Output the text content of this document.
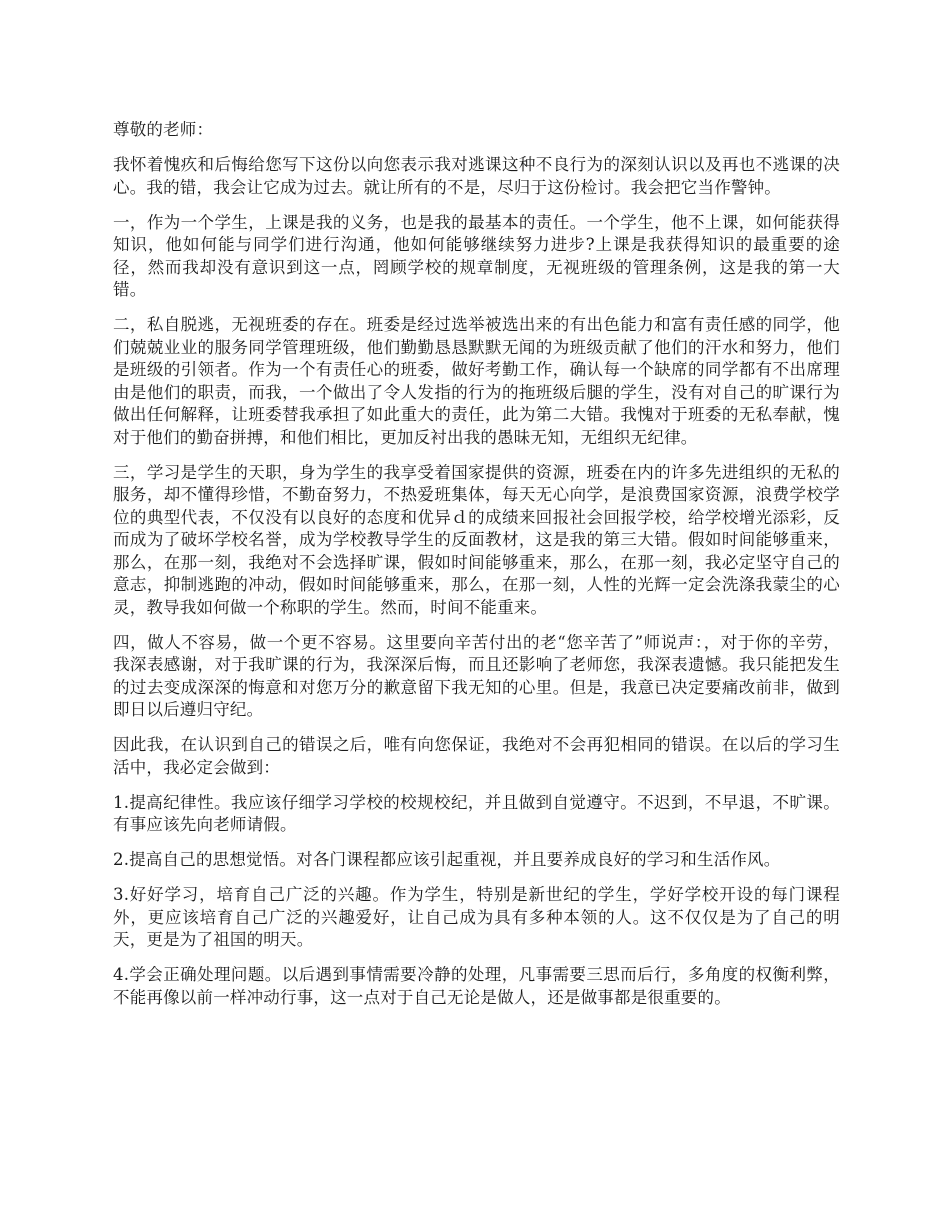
尊敬的老师：

我怀着愧疚和后悔给您写下这份以向您表示我对逃课这种不良行为的深刻认识以及再也不逃课的决心。我的错，我会让它成为过去。就让所有的不是，尽归于这份检讨。我会把它当作警钟。

一，作为一个学生，上课是我的义务，也是我的最基本的责任。一个学生，他不上课，如何能获得知识，他如何能与同学们进行沟通，他如何能够继续努力进步?上课是我获得知识的最重要的途径，然而我却没有意识到这一点，罔顾学校的规章制度，无视班级的管理条例，这是我的第一大错。

二，私自脱逃，无视班委的存在。班委是经过选举被选出来的有出色能力和富有责任感的同学，他们兢兢业业的服务同学管理班级，他们勤勤恳恳默默无闻的为班级贡献了他们的汗水和努力，他们是班级的引领者。作为一个有责任心的班委，做好考勤工作，确认每一个缺席的同学都有不出席理由是他们的职责，而我，一个做出了令人发指的行为的拖班级后腿的学生，没有对自己的旷课行为做出任何解释，让班委替我承担了如此重大的责任，此为第二大错。我愧对于班委的无私奉献，愧对于他们的勤奋拼搏，和他们相比，更加反衬出我的愚昧无知，无组织无纪律。

三，学习是学生的天职，身为学生的我享受着国家提供的资源，班委在内的许多先进组织的无私的服务，却不懂得珍惜，不勤奋努力，不热爱班集体，每天无心向学，是浪费国家资源，浪费学校学位的典型代表，不仅没有以良好的态度和优异ｄ的成绩来回报社会回报学校，给学校增光添彩，反而成为了破坏学校名誉，成为学校教导学生的反面教材，这是我的第三大错。假如时间能够重来，那么，在那一刻，我绝对不会选择旷课，假如时间能够重来，那么，在那一刻，我必定坚守自己的意志，抑制逃跑的冲动，假如时间能够重来，那么，在那一刻，人性的光辉一定会洗涤我蒙尘的心灵，教导我如何做一个称职的学生。然而，时间不能重来。

四，做人不容易，做一个更不容易。这里要向辛苦付出的老“您辛苦了”师说声：，对于你的辛劳，我深表感谢，对于我旷课的行为，我深深后悔，而且还影响了老师您，我深表遗憾。我只能把发生的过去变成深深的悔意和对您万分的歉意留下我无知的心里。但是，我意已决定要痛改前非，做到即日以后遵归守纪。

因此我，在认识到自己的错误之后，唯有向您保证，我绝对不会再犯相同的错误。在以后的学习生活中，我必定会做到：

1.提高纪律性。我应该仔细学习学校的校规校纪，并且做到自觉遵守。不迟到，不早退，不旷课。有事应该先向老师请假。

2.提高自己的思想觉悟。对各门课程都应该引起重视，并且要养成良好的学习和生活作风。

3.好好学习，培育自己广泛的兴趣。作为学生，特别是新世纪的学生，学好学校开设的每门课程外，更应该培育自己广泛的兴趣爱好，让自己成为具有多种本领的人。这不仅仅是为了自己的明天，更是为了祖国的明天。

4.学会正确处理问题。以后遇到事情需要冷静的处理，凡事需要三思而后行，多角度的权衡利弊，不能再像以前一样冲动行事，这一点对于自己无论是做人，还是做事都是很重要的。
